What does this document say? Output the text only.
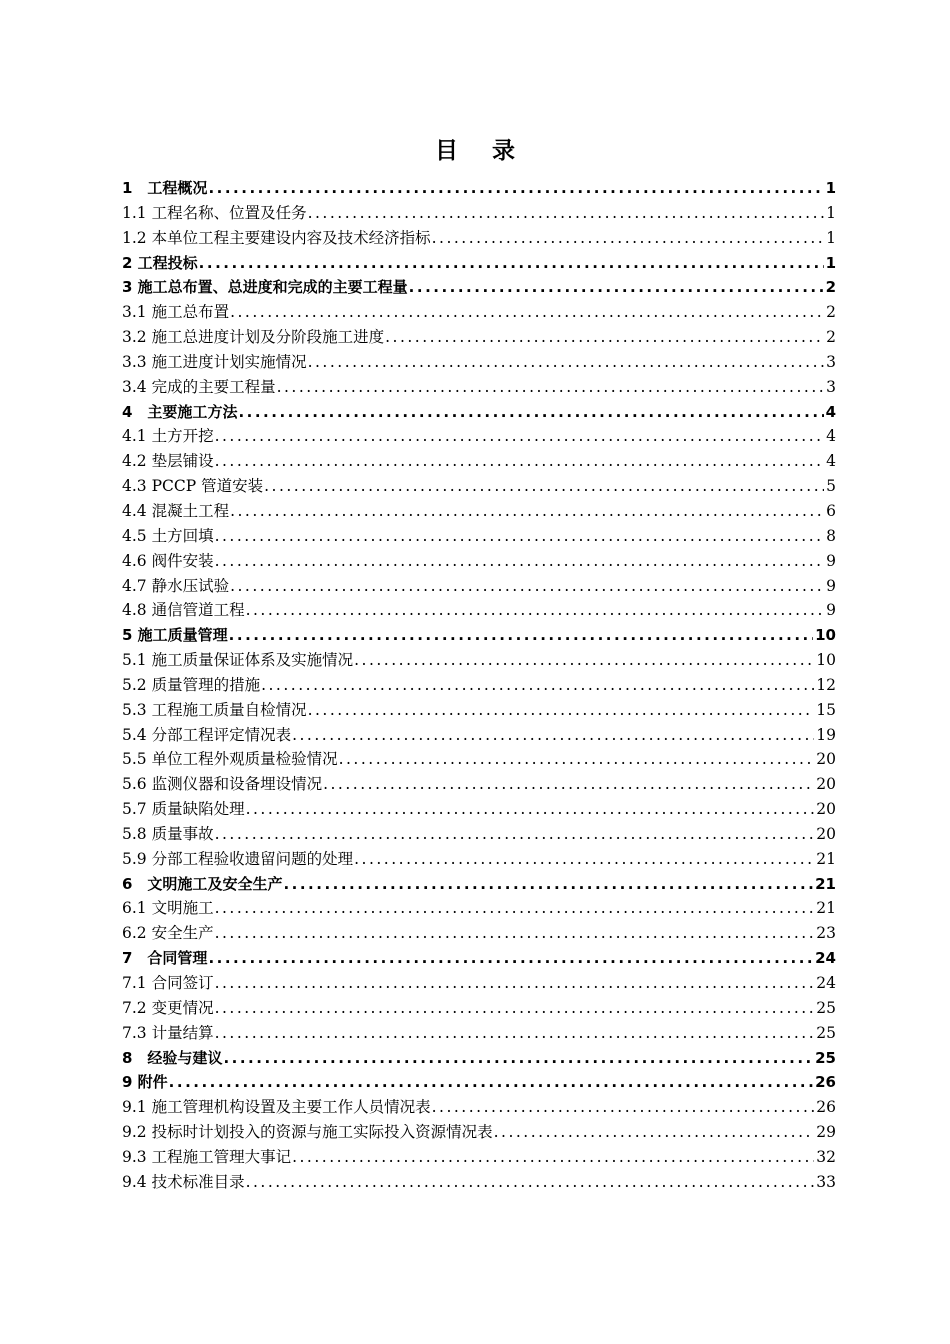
目 录
1　工程概况 .....	1
1.1 工程名称、位置及任务 .....	1
1.2 本单位工程主要建设内容及技术经济指标 .....	1
2 工程投标 .....	1
3 施工总布置、总进度和完成的主要工程量 .....	2
3.1 施工总布置 .....	2
3.2 施工总进度计划及分阶段施工进度 .....	2
3.3 施工进度计划实施情况 .....	3
3.4 完成的主要工程量 .....	3
4　主要施工方法 .....	4
4.1 土方开挖 .....	4
4.2 垫层铺设 .....	4
4.3 PCCP 管道安装 .....	5
4.4 混凝土工程 .....	6
4.5 土方回填 .....	8
4.6 阀件安装 .....	9
4.7 静水压试验 .....	9
4.8 通信管道工程 .....	9
5 施工质量管理 .....	10
5.1 施工质量保证体系及实施情况 .....	10
5.2 质量管理的措施 .....	12
5.3 工程施工质量自检情况 .....	15
5.4 分部工程评定情况表 .....	19
5.5 单位工程外观质量检验情况 .....	20
5.6 监测仪器和设备埋设情况 .....	20
5.7 质量缺陷处理 .....	20
5.8 质量事故 .....	20
5.9 分部工程验收遗留问题的处理 .....	21
6　文明施工及安全生产 .....	21
6.1 文明施工 .....	21
6.2 安全生产 .....	23
7　合同管理 .....	24
7.1 合同签订 .....	24
7.2 变更情况 .....	25
7.3 计量结算 .....	25
8　经验与建议 .....	25
9 附件 .....	26
9.1 施工管理机构设置及主要工作人员情况表 .....	26
9.2 投标时计划投入的资源与施工实际投入资源情况表 .....	29
9.3 工程施工管理大事记 .....	32
9.4 技术标准目录 .....	33
